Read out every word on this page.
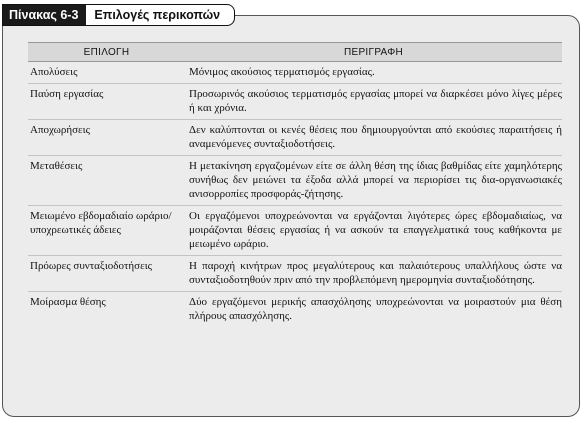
Πίνακας 6-3	Επιλογές περικοπών
ΕΠΙΛΟΓΗ	ΠΕΡΙΓΡΑΦΗ
Απολύσεις	Μόνιμος ακούσιος τερματισμός εργασίας.
Παύση εργασίας	Προσωρινός ακούσιος τερματισμός εργασίας μπορεί να διαρκέσει μόνο λίγες μέρες ή και χρόνια.
Αποχωρήσεις	Δεν καλύπτονται οι κενές θέσεις που δημιουργούνται από εκούσιες παραιτήσεις ή αναμενόμενες συνταξιοδοτήσεις.
Μεταθέσεις	Η μετακίνηση εργαζομένων είτε σε άλλη θέση της ίδιας βαθμίδας είτε χαμηλότερης συνήθως δεν μειώνει τα έξοδα αλλά μπορεί να περιορίσει τις δια-οργανωσιακές ανισορροπίες προσφοράς-ζήτησης.
Μειωμένο εβδομαδιαίο ωράριο/υποχρεωτικές άδειες	Οι εργαζόμενοι υποχρεώνονται να εργάζονται λιγότερες ώρες εβδομαδιαίως, να μοιράζονται θέσεις εργασίας ή να ασκούν τα επαγγελματικά τους καθήκοντα με μειωμένο ωράριο.
Πρόωρες συνταξιοδοτήσεις	Η παροχή κινήτρων προς μεγαλύτερους και παλαιότερους υπαλλήλους ώστε να συνταξιοδοτηθούν πριν από την προβλεπόμενη ημερομηνία συνταξιοδότησης.
Μοίρασμα θέσης	Δύο εργαζόμενοι μερικής απασχόλησης υποχρεώνονται να μοιραστούν μια θέση πλήρους απασχόλησης.
